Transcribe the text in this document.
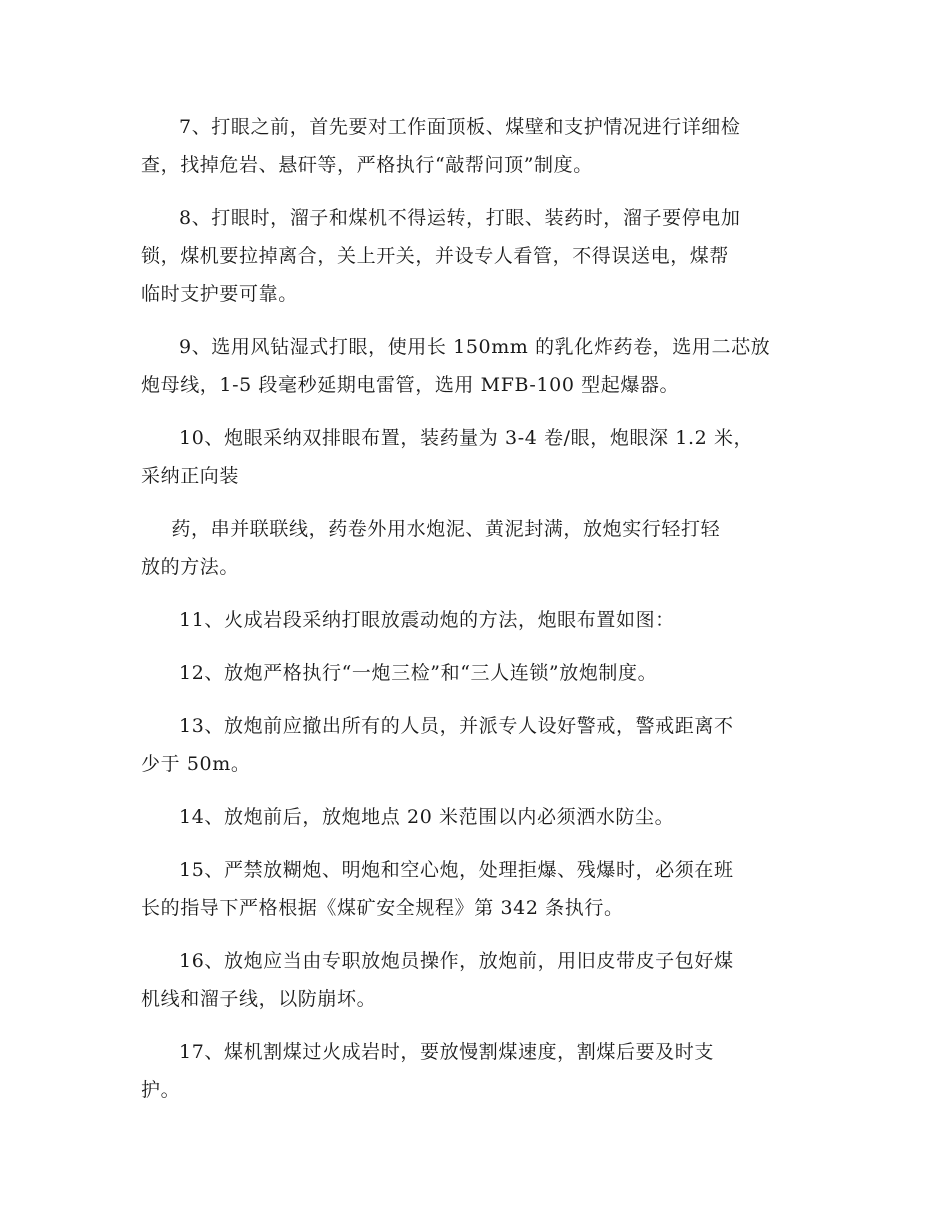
7、打眼之前，首先要对工作面顶板、煤壁和支护情况进行详细检
查，找掉危岩、悬矸等，严格执行“敲帮问顶”制度。
8、打眼时，溜子和煤机不得运转，打眼、装药时，溜子要停电加
锁，煤机要拉掉离合，关上开关，并设专人看管，不得误送电，煤帮
临时支护要可靠。
9、选用风钻湿式打眼，使用长 150mm 的乳化炸药卷，选用二芯放
炮母线，1-5 段毫秒延期电雷管，选用 MFB-100 型起爆器。
10、炮眼采纳双排眼布置，装药量为 3-4 卷/眼，炮眼深 1.2 米，
采纳正向装
药，串并联联线，药卷外用水炮泥、黄泥封满，放炮实行轻打轻
放的方法。
11、火成岩段采纳打眼放震动炮的方法，炮眼布置如图：
12、放炮严格执行“一炮三检”和“三人连锁”放炮制度。
13、放炮前应撤出所有的人员，并派专人设好警戒，警戒距离不
少于 50m。
14、放炮前后，放炮地点 20 米范围以内必须洒水防尘。
15、严禁放糊炮、明炮和空心炮，处理拒爆、残爆时，必须在班
长的指导下严格根据《煤矿安全规程》第 342 条执行。
16、放炮应当由专职放炮员操作，放炮前，用旧皮带皮子包好煤
机线和溜子线，以防崩坏。
17、煤机割煤过火成岩时，要放慢割煤速度，割煤后要及时支
护。
